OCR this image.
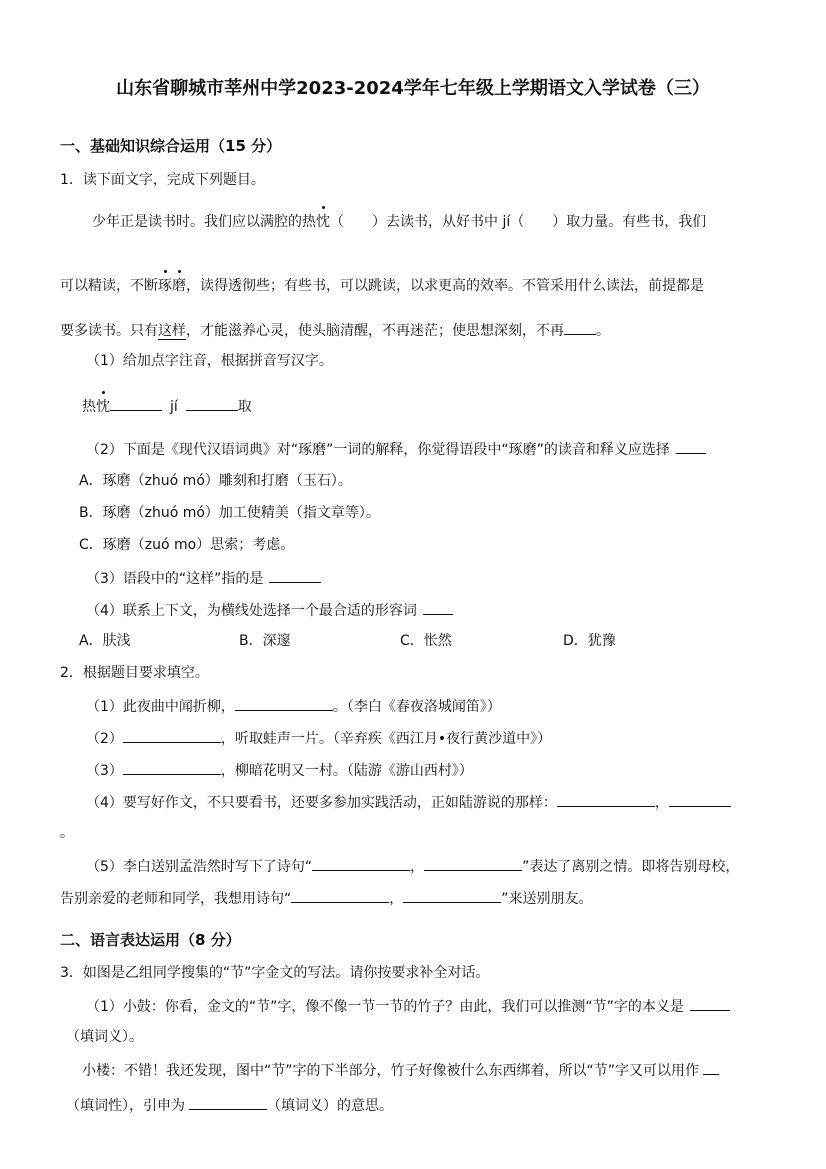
山东省聊城市莘州中学2023-2024学年七年级上学期语文入学试卷（三）
一、基础知识综合运用（15 分）
1．读下面文字，完成下列题目。
少年正是读书时。我们应以满腔的热忱（　　）去读书，从好书中 jí（　　）取力量。有些书，我们
可以精读，不断琢磨，读得透彻些；有些书，可以跳读，以求更高的效率。不管采用什么读法，前提都是
要多读书。只有这样，才能滋养心灵，使头脑清醒，不再迷茫；使思想深刻，不再 。
（1）给加点字注音，根据拼音写汉字。
热忱	jí	取
（2）下面是《现代汉语词典》对“琢磨”一词的解释，你觉得语段中“琢磨”的读音和释义应选择
A．琢磨（zhuó mó）雕刻和打磨（玉石）。
B．琢磨（zhuó mó）加工使精美（指文章等）。
C．琢磨（zuó mo）思索；考虑。
（3）语段中的“这样”指的是
（4）联系上下文，为横线处选择一个最合适的形容词
A．肤浅	B．深邃	C．怅然	D．犹豫
2．根据题目要求填空。
（1）此夜曲中闻折柳，	。（李白《春夜洛城闻笛》）
（2）	，听取蛙声一片。（辛弃疾《西江月•夜行黄沙道中》）
（3）	，柳暗花明又一村。（陆游《游山西村》）
（4）要写好作文，不只要看书，还要多参加实践活动，正如陆游说的那样：	，
。
（5）李白送别孟浩然时写下了诗句“	，	”表达了离别之情。即将告别母校，
告别亲爱的老师和同学，我想用诗句“	，	”来送别朋友。
二、语言表达运用（8 分）
3．如图是乙组同学搜集的“节”字金文的写法。请你按要求补全对话。
（1）小鼓：你看，金文的“节”字，像不像一节一节的竹子？由此，我们可以推测“节”字的本义是
（填词义）。
小楼：不错！我还发现，图中“节”字的下半部分，竹子好像被什么东西绑着，所以“节”字又可以用作
（填词性），引申为	（填词义）的意思。
